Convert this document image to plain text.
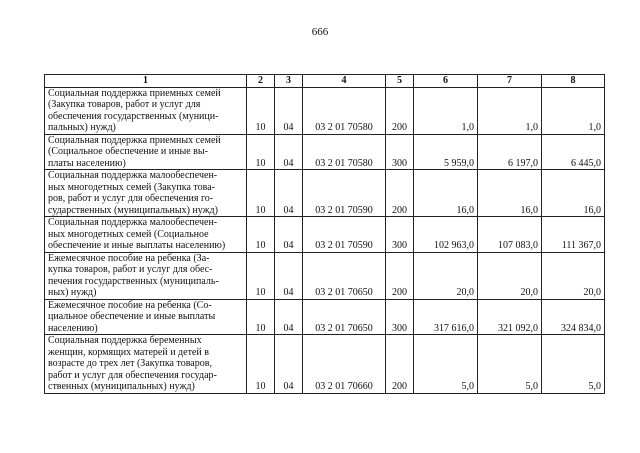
666
1	2	3	4	5	6	7	8
Социальная поддержка приемных семей
(Закупка товаров, работ и услуг для
обеспечения государственных (муници-
пальных) нужд)	10	04	03 2 01 70580	200	1,0	1,0	1,0
Социальная поддержка приемных семей
(Социальное обеспечение и иные вы-
платы населению)	10	04	03 2 01 70580	300	5 959,0	6 197,0	6 445,0
Социальная поддержка малообеспечен-
ных многодетных семей (Закупка това-
ров, работ и услуг для обеспечения го-
сударственных (муниципальных) нужд)	10	04	03 2 01 70590	200	16,0	16,0	16,0
Социальная поддержка малообеспечен-
ных многодетных семей (Социальное
обеспечение и иные выплаты населению)	10	04	03 2 01 70590	300	102 963,0	107 083,0	111 367,0
Ежемесячное пособие на ребенка (За-
купка товаров, работ и услуг для обес-
печения государственных (муниципаль-
ных) нужд)	10	04	03 2 01 70650	200	20,0	20,0	20,0
Ежемесячное пособие на ребенка (Со-
циальное обеспечение и иные выплаты
населению)	10	04	03 2 01 70650	300	317 616,0	321 092,0	324 834,0
Социальная поддержка беременных
женщин, кормящих матерей и детей в
возрасте до трех лет (Закупка товаров,
работ и услуг для обеспечения государ-
ственных (муниципальных) нужд)	10	04	03 2 01 70660	200	5,0	5,0	5,0
